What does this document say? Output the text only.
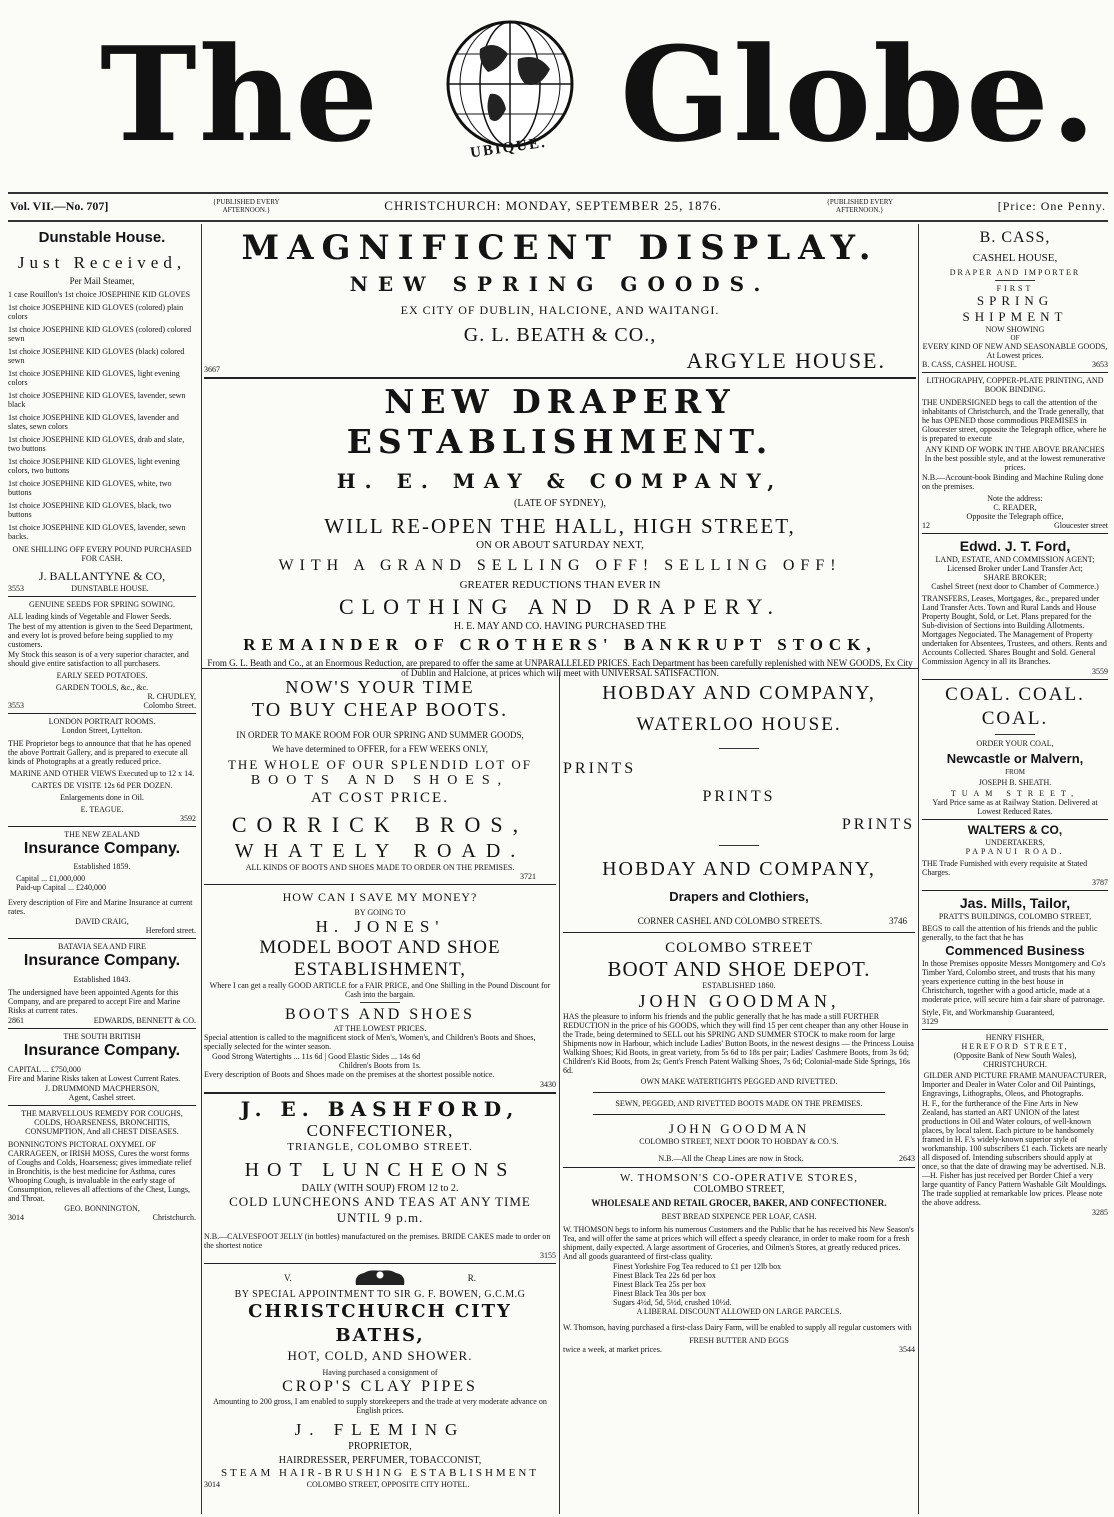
The	UBIQUE. Globe.
Vol. VII.—No. 707]	{PUBLISHED EVERY AFTERNOON.}	CHRISTCHURCH: MONDAY, SEPTEMBER 25, 1876.	{PUBLISHED EVERY AFTERNOON.}	[Price: One Penny.
Dunstable House.
Just Received,
Per Mail Steamer,

1 case Rouillon's 1st choice JOSEPHINE KID GLOVES

1st choice JOSEPHINE KID GLOVES (colored) plain colors

1st choice JOSEPHINE KID GLOVES (colored) colored sewn

1st choice JOSEPHINE KID GLOVES (black) colored sewn

1st choice JOSEPHINE KID GLOVES, light evening colors

1st choice JOSEPHINE KID GLOVES, lavender, sewn black

1st choice JOSEPHINE KID GLOVES, lavender and slates, sewn colors

1st choice JOSEPHINE KID GLOVES, drab and slate, two buttons

1st choice JOSEPHINE KID GLOVES, light evening colors, two buttons

1st choice JOSEPHINE KID GLOVES, white, two buttons

1st choice JOSEPHINE KID GLOVES, black, two buttons

1st choice JOSEPHINE KID GLOVES, lavender, sewn backs.

ONE SHILLING OFF EVERY POUND PURCHASED FOR CASH.
J. BALLANTYNE & CO,
3553	DUNSTABLE HOUSE.
GENUINE SEEDS FOR SPRING SOWING.

ALL leading kinds of Vegetable and Flower Seeds.

The best of my attention is given to the Seed Department, and every lot is proved before being supplied to my customers.

My Stock this season is of a very superior character, and should give entire satisfaction to all purchasers.

EARLY SEED POTATOES.
GARDEN TOOLS, &c., &c.
R. CHUDLEY,
3553	Colombo Street.
LONDON PORTRAIT ROOMS.
London Street, Lyttelton.

THE Proprietor begs to announce that that he has opened the above Portrait Gallery, and is prepared to execute all kinds of Photographs at a greatly reduced price.

MARINE AND OTHER VIEWS Executed up to 12 x 14.
CARTES DE VISITE 12s 6d PER DOZEN.
Enlargements done in Oil.
E. TEAGUE.
3592
THE NEW ZEALAND
Insurance Company.
Established 1859.
Capital ... £1,000,000
Paid-up Capital ... £240,000

Every description of Fire and Marine Insurance at current rates.

DAVID CRAIG,
Hereford street.
BATAVIA SEA AND FIRE
Insurance Company.
Established 1843.

The undersigned have been appointed Agents for this Company, and are prepared to accept Fire and Marine Risks at current rates.

2861	EDWARDS, BENNETT & CO.
THE SOUTH BRITISH
Insurance Company.
CAPITAL ... £750,000

Fire and Marine Risks taken at Lowest Current Rates.

J. DRUMMOND MACPHERSON,
Agent, Cashel street.
THE MARVELLOUS REMEDY FOR COUGHS, COLDS, HOARSENESS, BRONCHITIS, CONSUMPTION, And all CHEST DISEASES.

BONNINGTON'S PICTORAL OXYMEL OF CARRAGEEN, or IRISH MOSS, Cures the worst forms of Coughs and Colds, Hoarseness; gives immediate relief in Bronchitis, is the best medicine for Asthma, cures Whooping Cough, is invaluable in the early stage of Consumption, relieves all affections of the Chest, Lungs, and Throat.

GEO. BONNINGTON,
3014	Christchurch.
MAGNIFICENT DISPLAY.
NEW SPRING GOODS.
EX CITY OF DUBLIN, HALCIONE, AND WAITANGI.
G. L. BEATH & CO.,
3667	ARGYLE HOUSE.
NEW DRAPERY ESTABLISHMENT.
H. E. MAY & COMPANY,
(LATE OF SYDNEY),
WILL RE-OPEN THE HALL, HIGH STREET,
ON OR ABOUT SATURDAY NEXT,
WITH A GRAND SELLING OFF! SELLING OFF!
GREATER REDUCTIONS THAN EVER IN
CLOTHING AND DRAPERY.
H. E. MAY AND CO. HAVING PURCHASED THE
REMAINDER OF CROTHERS' BANKRUPT STOCK,

From G. L. Beath and Co., at an Enormous Reduction, are prepared to offer the same at UNPARALLELED PRICES. Each Department has been carefully replenished with NEW GOODS, Ex City of Dublin and Halcione, at prices which will meet with UNIVERSAL SATISFACTION.

NOW'S YOUR TIME
TO BUY CHEAP BOOTS.
IN ORDER TO MAKE ROOM FOR OUR SPRING AND SUMMER GOODS,
We have determined to OFFER, for a FEW WEEKS ONLY,
THE WHOLE OF OUR SPLENDID LOT OF
BOOTS AND SHOES,
AT COST PRICE.
CORRICK BROS,
WHATELY ROAD.
ALL KINDS OF BOOTS AND SHOES MADE TO ORDER ON THE PREMISES.
3721
HOW CAN I SAVE MY MONEY?
BY GOING TO
H. JONES'
MODEL BOOT AND SHOE ESTABLISHMENT,

Where I can get a really GOOD ARTICLE for a FAIR PRICE, and One Shilling in the Pound Discount for Cash into the bargain.

BOOTS AND SHOES
AT THE LOWEST PRICES.

Special attention is called to the magnificent stock of Men's, Women's, and Children's Boots and Shoes, specially selected for the winter season.

Good Strong Watertights ... 11s 6d | Good Elastic Sides ... 14s 6d
Children's Boots from 1s.

Every description of Boots and Shoes made on the premises at the shortest possible notice.

3430
J. E. BASHFORD,
CONFECTIONER,
TRIANGLE, COLOMBO STREET.
HOT LUNCHEONS
DAILY (WITH SOUP) FROM 12 to 2.
COLD LUNCHEONS AND TEAS AT ANY TIME
UNTIL 9 p.m.

N.B.—CALVESFOOT JELLY (in bottles) manufactured on the premises. BRIDE CAKES made to order on the shortest notice

3155
V.	R.
BY SPECIAL APPOINTMENT TO SIR G. F. BOWEN, G.C.M.G
CHRISTCHURCH CITY BATHS,
HOT, COLD, AND SHOWER.
Having purchased a consignment of
CROP'S CLAY PIPES

Amounting to 200 gross, I am enabled to supply storekeepers and the trade at very moderate advance on English prices.

J. FLEMING
PROPRIETOR,
HAIRDRESSER, PERFUMER, TOBACCONIST,
STEAM HAIR-BRUSHING ESTABLISHMENT
3014	COLOMBO STREET, OPPOSITE CITY HOTEL.
HOBDAY AND COMPANY,
WATERLOO HOUSE.
PRINTS
PRINTS
PRINTS
HOBDAY AND COMPANY,
Drapers and Clothiers,
CORNER CASHEL AND COLOMBO STREETS.	3746
COLOMBO STREET
BOOT AND SHOE DEPOT.
ESTABLISHED 1860.
JOHN GOODMAN,

HAS the pleasure to inform his friends and the public generally that he has made a still FURTHER REDUCTION in the price of his GOODS, which they will find 15 per cent cheaper than any other House in the Trade, being determined to SELL out his SPRING AND SUMMER STOCK to make room for large Shipments now in Harbour, which include Ladies' Button Boots, in the newest designs — the Princess Louisa Walking Shoes; Kid Boots, in great variety, from 5s 6d to 18s per pair; Ladies' Cashmere Boots, from 3s 6d; Children's Kid Boots, from 2s; Gent's French Patent Walking Shoes, 7s 6d; Colonial-made Side Springs, 16s 6d.

OWN MAKE WATERTIGHTS PEGGED AND RIVETTED.
SEWN, PEGGED, AND RIVETTED BOOTS MADE ON THE PREMISES.
JOHN GOODMAN
COLOMBO STREET, NEXT DOOR TO HOBDAY & CO.'S.
N.B.—All the Cheap Lines are now in Stock.	2643
W. THOMSON'S CO-OPERATIVE STORES,
COLOMBO STREET,
WHOLESALE AND RETAIL GROCER, BAKER, AND CONFECTIONER.
BEST BREAD SIXPENCE PER LOAF, CASH.

W. THOMSON begs to inform his numerous Customers and the Public that he has received his New Season's Tea, and will offer the same at prices which will effect a speedy clearance, in order to make room for a fresh shipment, daily expected. A large assortment of Groceries, and Oilmen's Stores, at greatly reduced prices. And all goods guaranteed of first-class quality.

Finest Yorkshire Fog Tea reduced to £1 per 12lb box
Finest Black Tea 22s 6d per box
Finest Black Tea 25s per box
Finest Black Tea 30s per box
Sugars 4½d, 5d, 5½d, crushed 10½d.
A LIBERAL DISCOUNT ALLOWED ON LARGE PARCELS.

W. Thomson, having purchased a first-class Dairy Farm, will be enabled to supply all regular customers with

FRESH BUTTER AND EGGS
twice a week, at market prices.	3544
B. CASS,
CASHEL HOUSE,
DRAPER AND IMPORTER
FIRST
SPRING SHIPMENT
NOW SHOWING
OF
EVERY KIND OF NEW AND SEASONABLE GOODS,
At Lowest prices.
B. CASS, CASHEL HOUSE.	3653
LITHOGRAPHY, COPPER-PLATE PRINTING, AND BOOK BINDING.

THE UNDERSIGNED begs to call the attention of the inhabitants of Christchurch, and the Trade generally, that he has OPENED those commodious PREMISES in Gloucester street, opposite the Telegraph office, where he is prepared to execute

ANY KIND OF WORK IN THE ABOVE BRANCHES

In the best possible style, and at the lowest remunerative prices.

N.B.—Account-book Binding and Machine Ruling done on the premises.

Note the address:
C. READER,
Opposite the Telegraph office,
12	Gloucester street
Edwd. J. T. Ford,
LAND, ESTATE, AND COMMISSION AGENT;
Licensed Broker under Land Transfer Act;
SHARE BROKER;
Cashel Street (next door to Chamber of Commerce.)

TRANSFERS, Leases, Mortgages, &c., prepared under Land Transfer Acts. Town and Rural Lands and House Property Bought, Sold, or Let. Plans prepared for the Sub-division of Sections into Building Allotments. Mortgages Negociated. The Management of Property undertaken for Absentees, Trustees, and others. Rents and Accounts Collected. Shares Bought and Sold. General Commission Agency in all its Branches.

3559
COAL. COAL.
COAL.
ORDER YOUR COAL,
Newcastle or Malvern,
FROM
JOSEPH B. SHEATH.
TUAM STREET,

Yard Price same as at Railway Station. Delivered at Lowest Reduced Rates.

WALTERS & CO,
UNDERTAKERS,
PAPANUI ROAD.

THE Trade Furnished with every requisite at Stated Charges.

3787
Jas. Mills, Tailor,
PRATT'S BUILDINGS, COLOMBO STREET,

BEGS to call the attention of his friends and the public generally, to the fact that he has

Commenced Business

In those Premises opposite Messrs Montgomery and Co's Timber Yard, Colombo street, and trusts that his many years experience cutting in the best house in Christchurch, together with a good article, made at a moderate price, will secure him a fair share of patronage.

Style, Fit, and Workmanship Guaranteed,
3129
HENRY FISHER,
HEREFORD STREET,
(Opposite Bank of New South Wales),
CHRISTCHURCH.
GILDER AND PICTURE FRAME MANUFACTURER,

Importer and Dealer in Water Color and Oil Paintings, Engravings, Lithographs, Oleos, and Photographs.

H. F., for the furtherance of the Fine Arts in New Zealand, has started an ART UNION of the latest productions in Oil and Water colours, of well-known places, by local talent. Each picture to be handsomely framed in H. F.'s widely-known superior style of workmanship. 100 subscribers £1 each. Tickets are nearly all disposed of. Intending subscribers should apply at once, so that the date of drawing may be advertised. N.B.—H. Fisher has just received per Border Chief a very large quantity of Fancy Pattern Washable Gilt Mouldings. The trade supplied at remarkable low prices. Please note the above address.

3285
